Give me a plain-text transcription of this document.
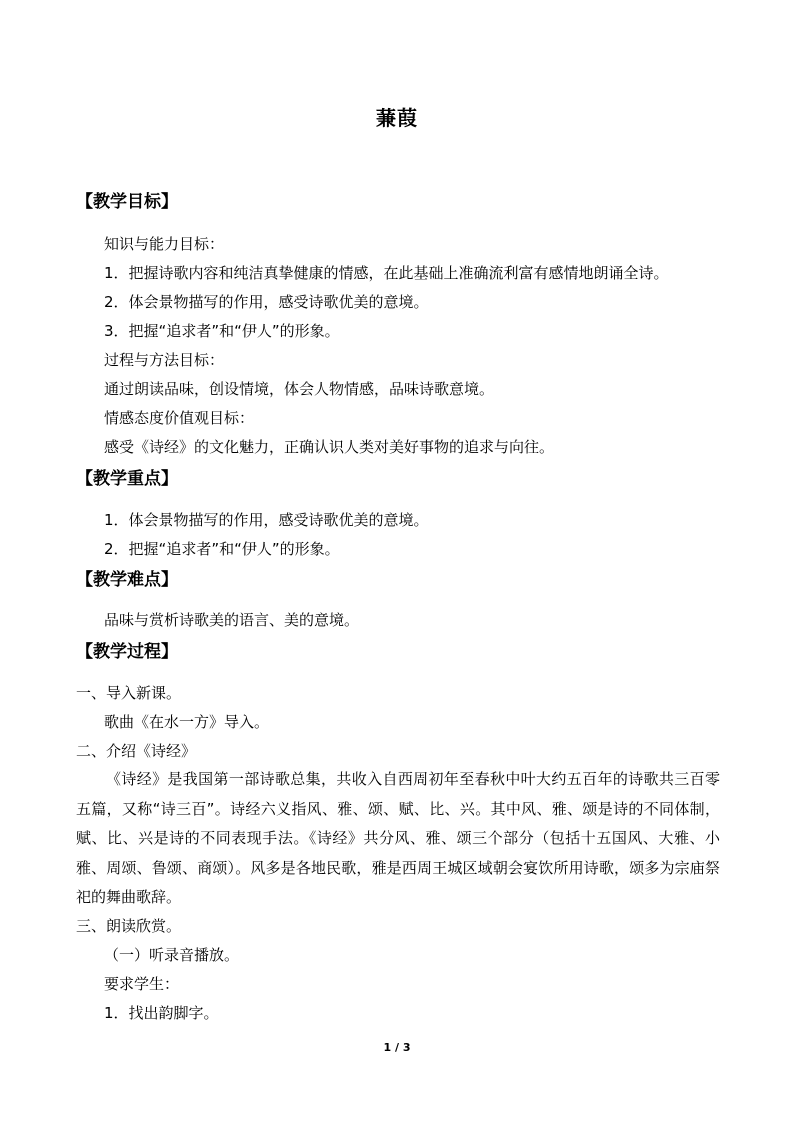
蒹葭
【教学目标】
知识与能力目标：
1．把握诗歌内容和纯洁真挚健康的情感，在此基础上准确流利富有感情地朗诵全诗。
2．体会景物描写的作用，感受诗歌优美的意境。
3．把握“追求者”和“伊人”的形象。
过程与方法目标：
通过朗读品味，创设情境，体会人物情感，品味诗歌意境。
情感态度价值观目标：
感受《诗经》的文化魅力，正确认识人类对美好事物的追求与向往。
【教学重点】
1．体会景物描写的作用，感受诗歌优美的意境。
2．把握“追求者”和“伊人”的形象。
【教学难点】
品味与赏析诗歌美的语言、美的意境。
【教学过程】
一、导入新课。
歌曲《在水一方》导入。
二、介绍《诗经》
《诗经》是我国第一部诗歌总集，共收入自西周初年至春秋中叶大约五百年的诗歌共三百零五篇，又称“诗三百”。诗经六义指风、雅、颂、赋、比、兴。其中风、雅、颂是诗的不同体制，赋、比、兴是诗的不同表现手法。《诗经》共分风、雅、颂三个部分（包括十五国风、大雅、小雅、周颂、鲁颂、商颂）。风多是各地民歌，雅是西周王城区域朝会宴饮所用诗歌，颂多为宗庙祭祀的舞曲歌辞。
三、朗读欣赏。
（一）听录音播放。
要求学生：
1．找出韵脚字。
1 / 3
